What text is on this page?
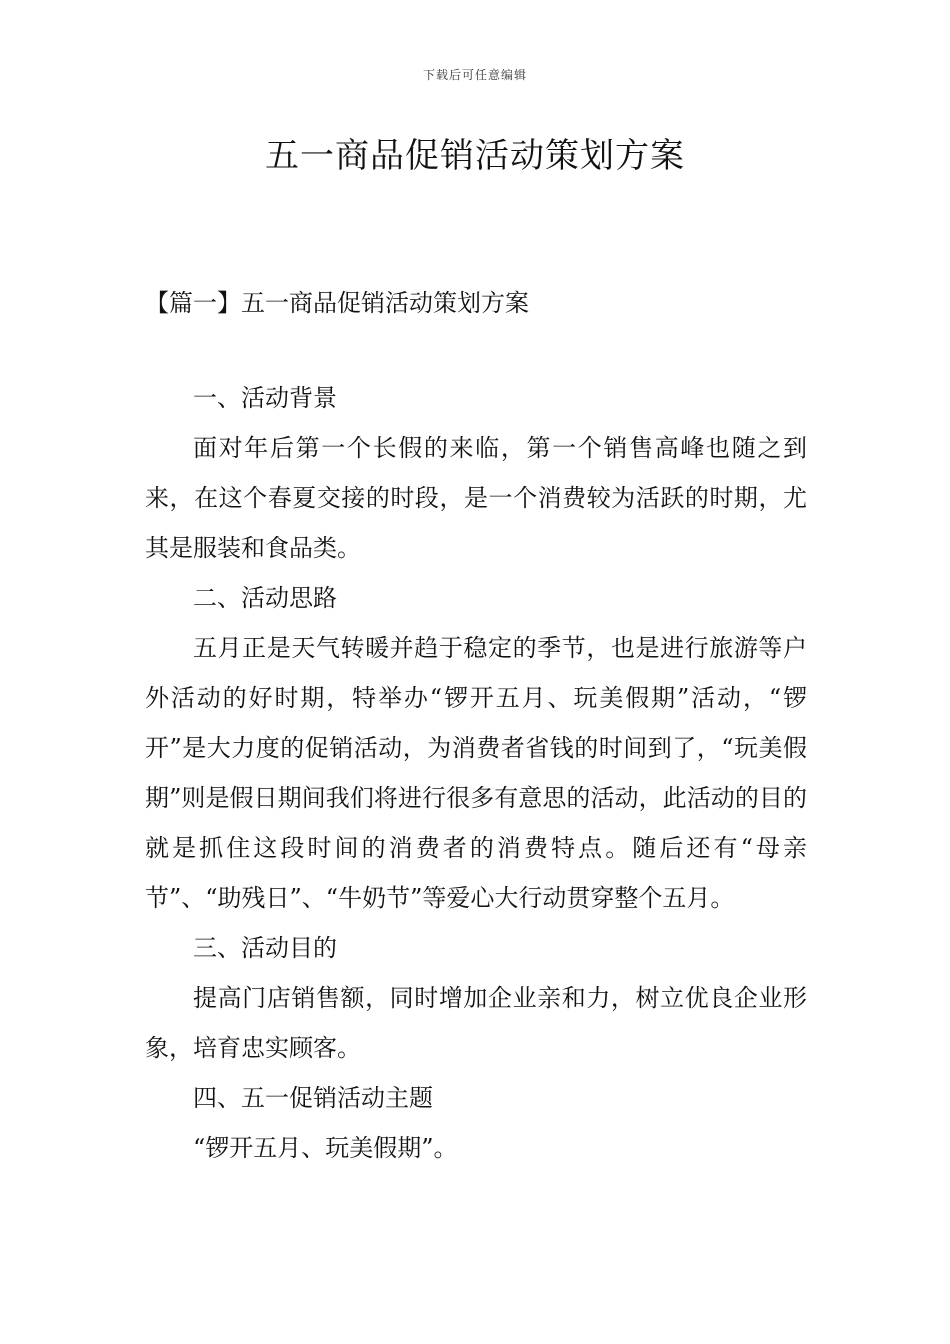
下载后可任意编辑
五一商品促销活动策划方案
【篇一】五一商品促销活动策划方案

一、活动背景

面对年后第一个长假的来临，第一个销售高峰也随之到来，在这个春夏交接的时段，是一个消费较为活跃的时期，尤其是服装和食品类。

二、活动思路

五月正是天气转暖并趋于稳定的季节，也是进行旅游等户外活动的好时期，特举办“锣开五月、玩美假期”活动，“锣开”是大力度的促销活动，为消费者省钱的时间到了，“玩美假期”则是假日期间我们将进行很多有意思的活动，此活动的目的就是抓住这段时间的消费者的消费特点。随后还有“母亲节”、“助残日”、“牛奶节”等爱心大行动贯穿整个五月。

三、活动目的

提高门店销售额，同时增加企业亲和力，树立优良企业形象，培育忠实顾客。

四、五一促销活动主题

“锣开五月、玩美假期”。
